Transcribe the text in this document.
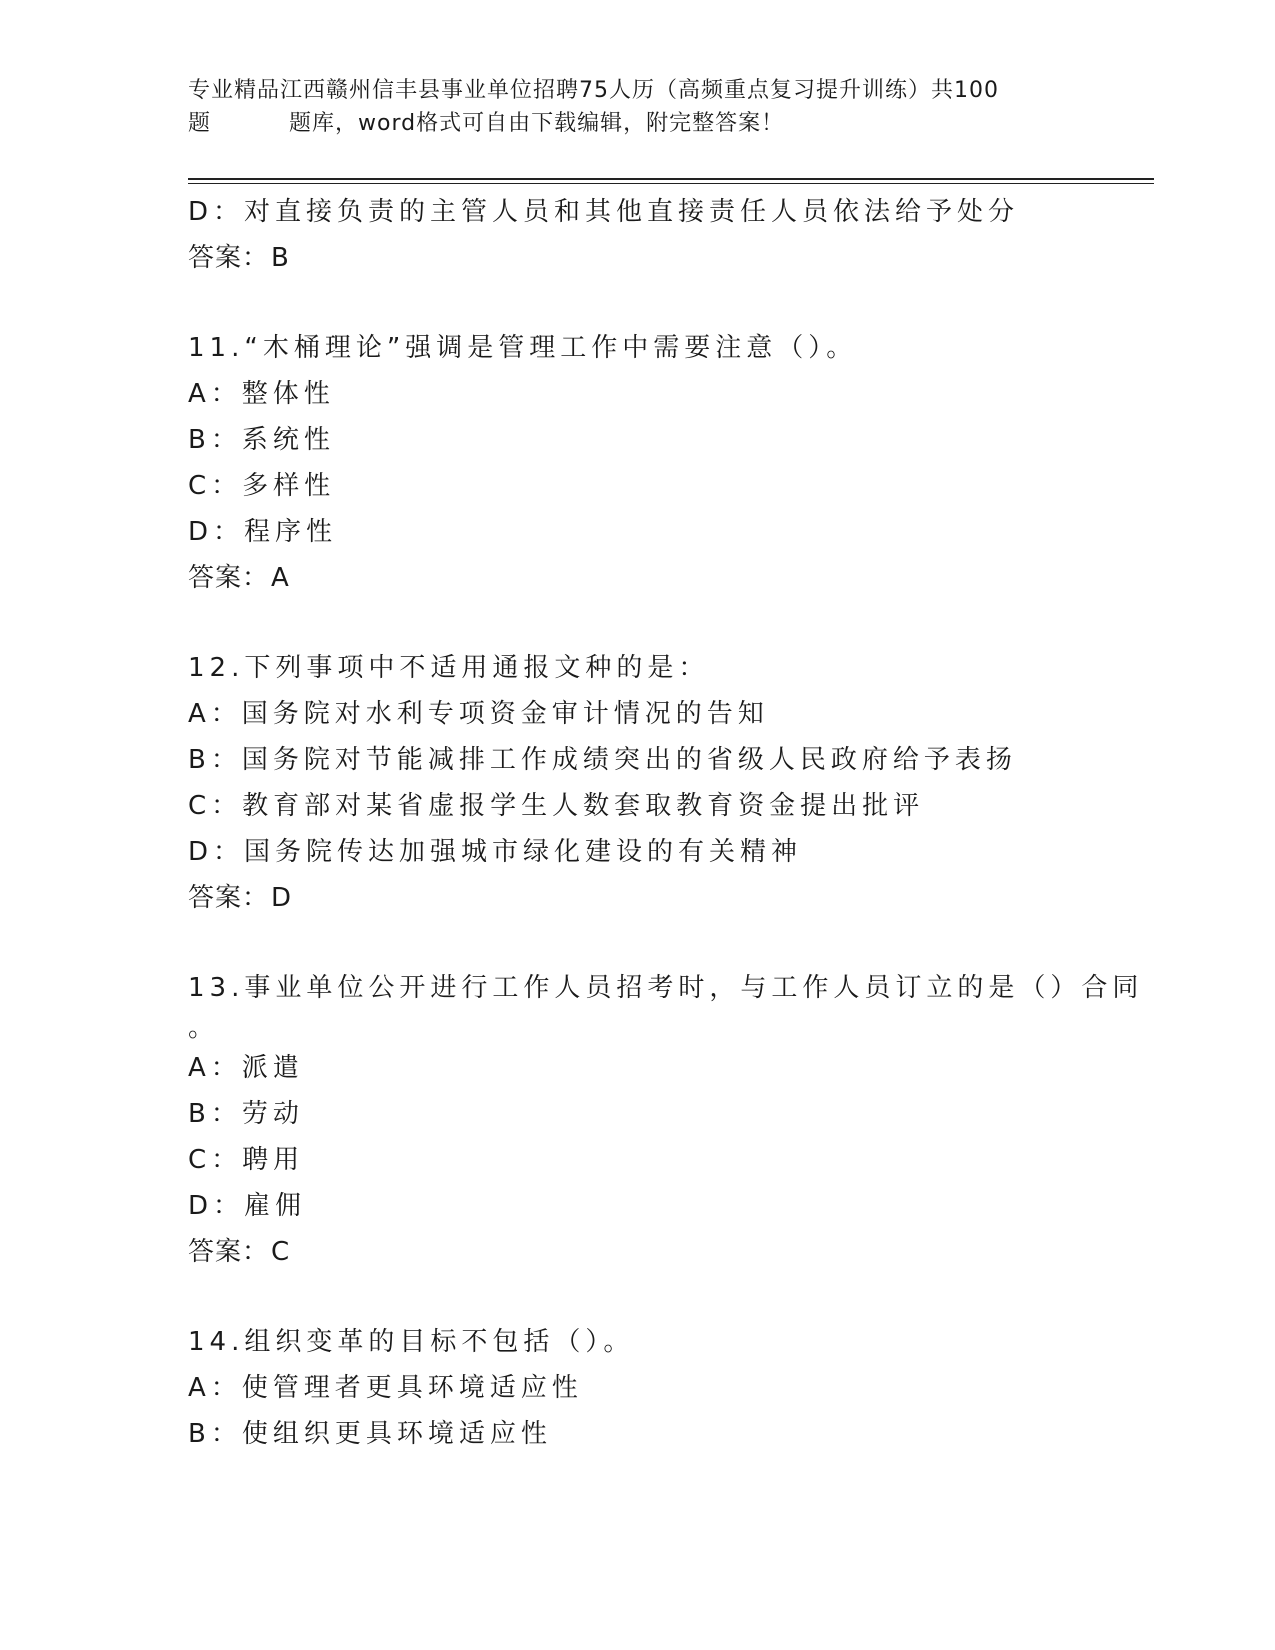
专业精品江西赣州信丰县事业单位招聘75人历（高频重点复习提升训练）共100
题	题库，word格式可自由下载编辑，附完整答案！
D：对直接负责的主管人员和其他直接责任人员依法给予处分
答案：B
11.“木桶理论”强调是管理工作中需要注意（）。
A：整体性
B：系统性
C：多样性
D：程序性
答案：A
12.下列事项中不适用通报文种的是：
A：国务院对水利专项资金审计情况的告知
B：国务院对节能减排工作成绩突出的省级人民政府给予表扬
C：教育部对某省虚报学生人数套取教育资金提出批评
D：国务院传达加强城市绿化建设的有关精神
答案：D
13.事业单位公开进行工作人员招考时，与工作人员订立的是（）合同
。
A：派遣
B：劳动
C：聘用
D：雇佣
答案：C
14.组织变革的目标不包括（）。
A：使管理者更具环境适应性
B：使组织更具环境适应性
